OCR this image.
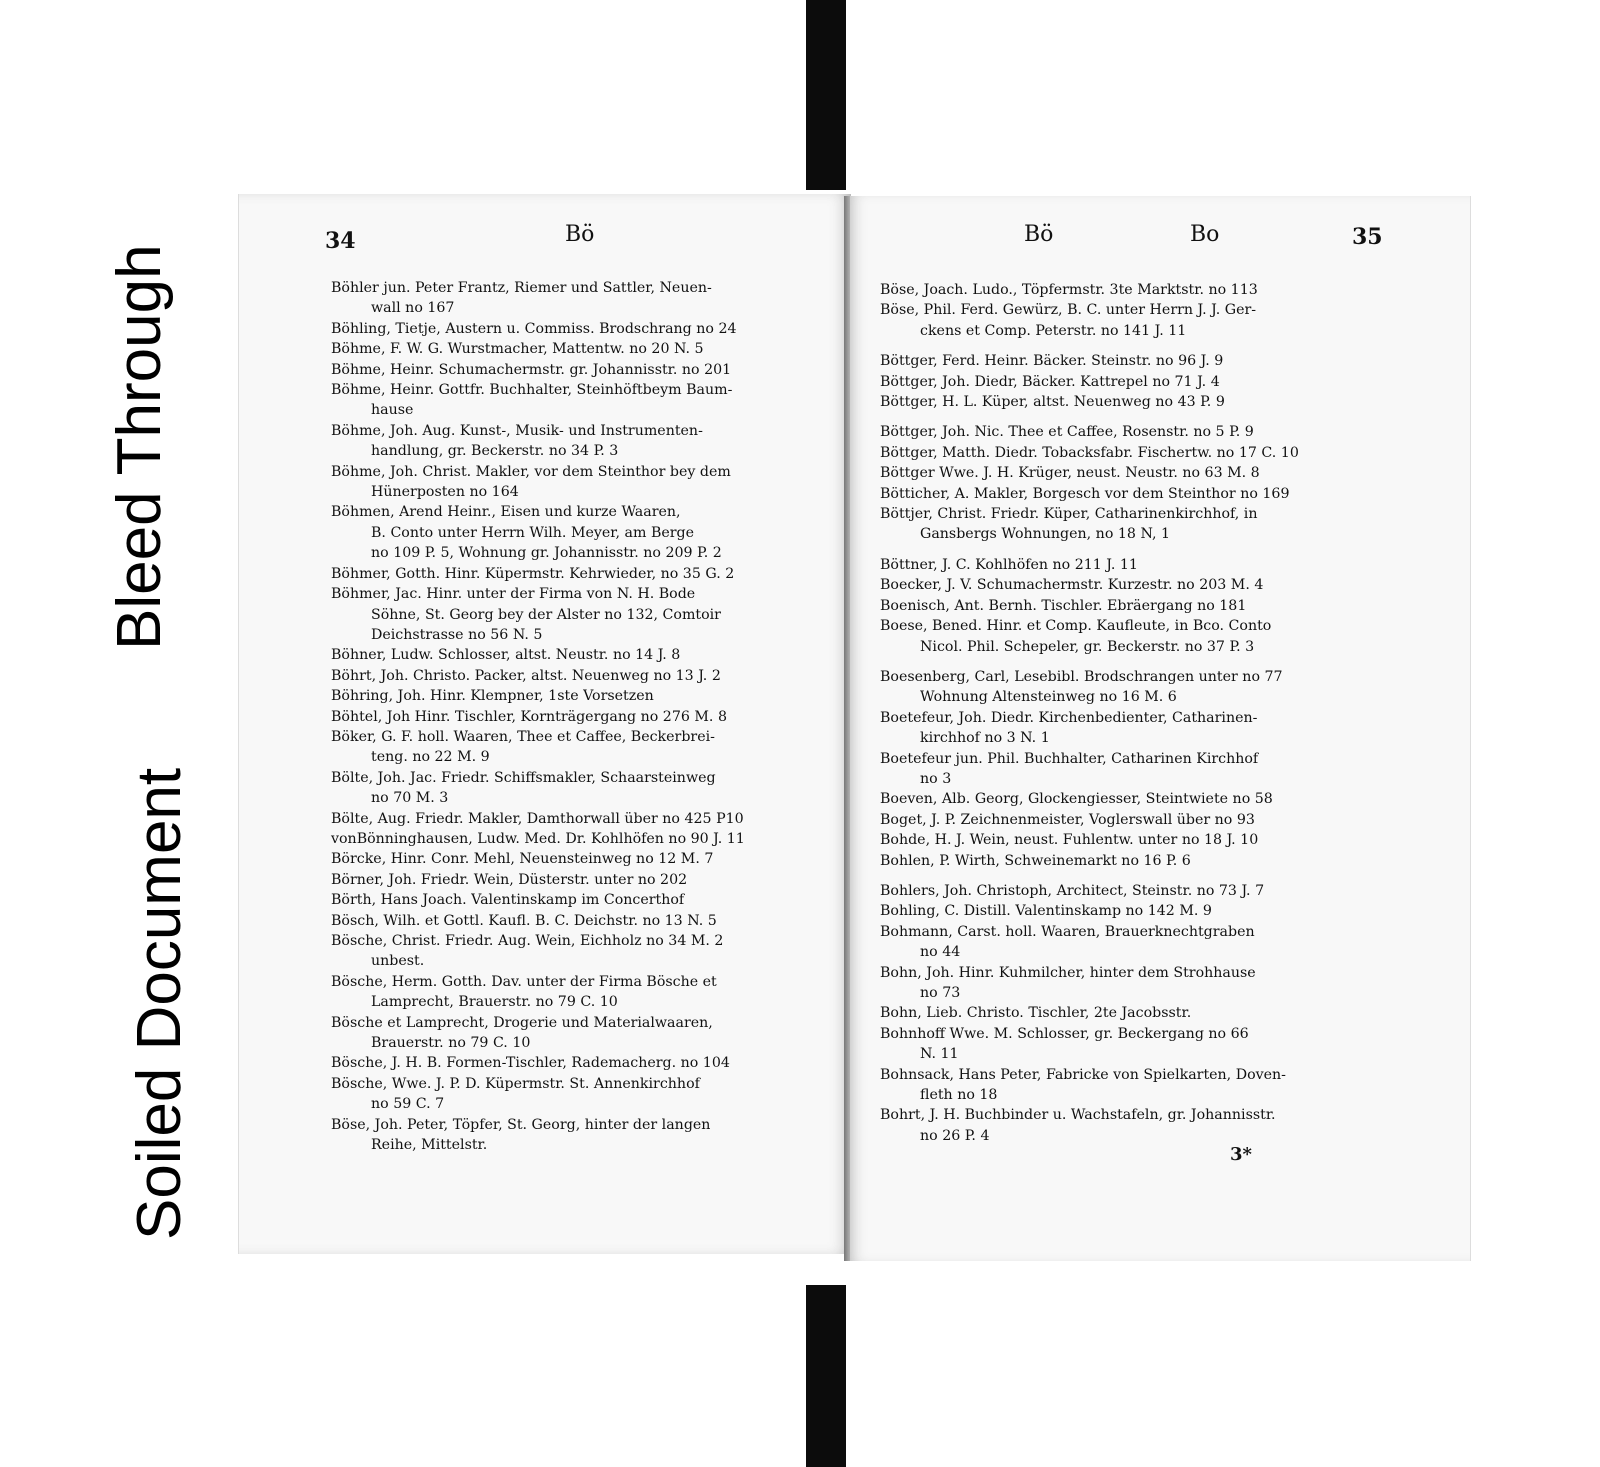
Soiled Document
Bleed Through
34	Bö
Böhler jun. Peter Frantz, Riemer und Sattler, Neuen-

wall no 167
Böhling, Tietje, Austern u. Commiss. Brodschrang no 24
Böhme, F. W. G. Wurstmacher, Mattentw. no 20 N. 5
Böhme, Heinr. Schumachermstr. gr. Johannisstr. no 201
Böhme, Heinr. Gottfr. Buchhalter, Steinhöftbeym Baum-

hause
Böhme, Joh. Aug. Kunst-, Musik- und Instrumenten-

handlung, gr. Beckerstr. no 34 P. 3
Böhme, Joh. Christ. Makler, vor dem Steinthor bey dem

Hünerposten no 164
Böhmen, Arend Heinr., Eisen und kurze Waaren,

B. Conto unter Herrn Wilh. Meyer, am Berge
no 109 P. 5, Wohnung gr. Johannisstr. no 209 P. 2
Böhmer, Gotth. Hinr. Küpermstr. Kehrwieder, no 35 G. 2
Böhmer, Jac. Hinr. unter der Firma von N. H. Bode

Söhne, St. Georg bey der Alster no 132, Comtoir
Deichstrasse no 56 N. 5
Böhner, Ludw. Schlosser, altst. Neustr. no 14 J. 8
Böhrt, Joh. Christo. Packer, altst. Neuenweg no 13 J. 2
Böhring, Joh. Hinr. Klempner, 1ste Vorsetzen
Böhtel, Joh Hinr. Tischler, Kornträgergang no 276 M. 8
Böker, G. F. holl. Waaren, Thee et Caffee, Beckerbrei-

teng. no 22 M. 9
Bölte, Joh. Jac. Friedr. Schiffsmakler, Schaarsteinweg

no 70 M. 3
Bölte, Aug. Friedr. Makler, Damthorwall über no 425 P10
vonBönninghausen, Ludw. Med. Dr. Kohlhöfen no 90 J. 11
Börcke, Hinr. Conr. Mehl, Neuensteinweg no 12 M. 7
Börner, Joh. Friedr. Wein, Düsterstr. unter no 202
Börth, Hans Joach. Valentinskamp im Concerthof
Bösch, Wilh. et Gottl. Kaufl. B. C. Deichstr. no 13 N. 5
Bösche, Christ. Friedr. Aug. Wein, Eichholz no 34 M. 2

unbest.
Bösche, Herm. Gotth. Dav. unter der Firma Bösche et

Lamprecht, Brauerstr. no 79 C. 10
Bösche et Lamprecht, Drogerie und Materialwaaren,

Brauerstr. no 79 C. 10
Bösche, J. H. B. Formen-Tischler, Rademacherg. no 104
Bösche, Wwe. J. P. D. Küpermstr. St. Annenkirchhof

no 59 C. 7
Böse, Joh. Peter, Töpfer, St. Georg, hinter der langen

Reihe, Mittelstr.
Bö	Bo	35
Böse, Joach. Ludo., Töpfermstr. 3te Marktstr. no 113
Böse, Phil. Ferd. Gewürz, B. C. unter Herrn J. J. Ger-

ckens et Comp. Peterstr. no 141 J. 11
Böttger, Ferd. Heinr. Bäcker. Steinstr. no 96 J. 9
Böttger, Joh. Diedr, Bäcker. Kattrepel no 71 J. 4
Böttger, H. L. Küper, altst. Neuenweg no 43 P. 9
Böttger, Joh. Nic. Thee et Caffee, Rosenstr. no 5 P. 9
Böttger, Matth. Diedr. Tobacksfabr. Fischertw. no 17 C. 10
Böttger Wwe. J. H. Krüger, neust. Neustr. no 63 M. 8
Bötticher, A. Makler, Borgesch vor dem Steinthor no 169
Böttjer, Christ. Friedr. Küper, Catharinenkirchhof, in

Gansbergs Wohnungen, no 18 N, 1
Böttner, J. C. Kohlhöfen no 211 J. 11
Boecker, J. V. Schumachermstr. Kurzestr. no 203 M. 4
Boenisch, Ant. Bernh. Tischler. Ebräergang no 181
Boese, Bened. Hinr. et Comp. Kaufleute, in Bco. Conto

Nicol. Phil. Schepeler, gr. Beckerstr. no 37 P. 3
Boesenberg, Carl, Lesebibl. Brodschrangen unter no 77

Wohnung Altensteinweg no 16 M. 6
Boetefeur, Joh. Diedr. Kirchenbedienter, Catharinen-

kirchhof no 3 N. 1
Boetefeur jun. Phil. Buchhalter, Catharinen Kirchhof

no 3
Boeven, Alb. Georg, Glockengiesser, Steintwiete no 58
Boget, J. P. Zeichnenmeister, Voglerswall über no 93
Bohde, H. J. Wein, neust. Fuhlentw. unter no 18 J. 10
Bohlen, P. Wirth, Schweinemarkt no 16 P. 6
Bohlers, Joh. Christoph, Architect, Steinstr. no 73 J. 7
Bohling, C. Distill. Valentinskamp no 142 M. 9
Bohmann, Carst. holl. Waaren, Brauerknechtgraben

no 44
Bohn, Joh. Hinr. Kuhmilcher, hinter dem Strohhause

no 73
Bohn, Lieb. Christo. Tischler, 2te Jacobsstr.
Bohnhoff Wwe. M. Schlosser, gr. Beckergang no 66

N. 11
Bohnsack, Hans Peter, Fabricke von Spielkarten, Doven-

fleth no 18
Bohrt, J. H. Buchbinder u. Wachstafeln, gr. Johannisstr.

no 26 P. 4
3*
